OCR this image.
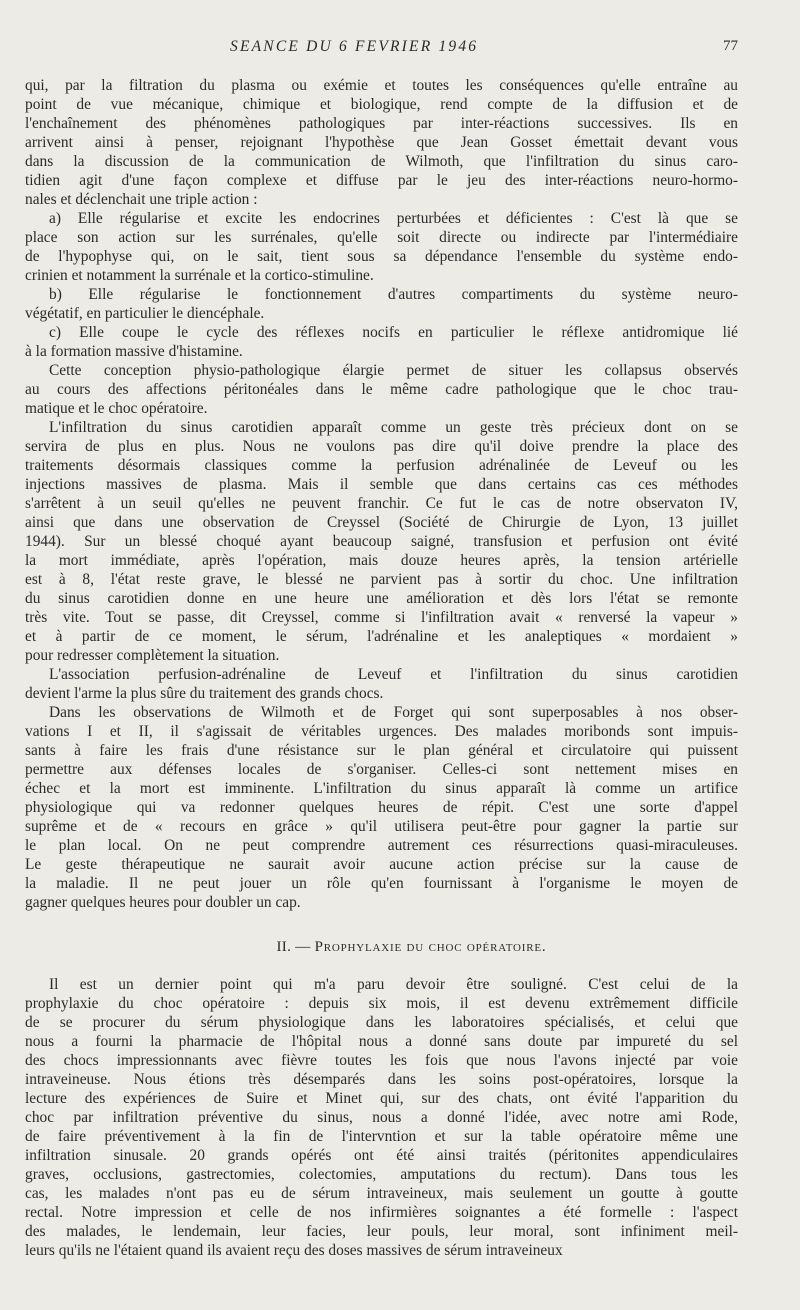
SEANCE DU 6 FEVRIER 1946	77
qui, par la filtration du plasma ou exémie et toutes les conséquences qu'elle entraîne au
point de vue mécanique, chimique et biologique, rend compte de la diffusion et de
l'enchaînement des phénomènes pathologiques par inter-réactions successives. Ils en
arrivent ainsi à penser, rejoignant l'hypothèse que Jean Gosset émettait devant vous
dans la discussion de la communication de Wilmoth, que l'infiltration du sinus caro-
tidien agit d'une façon complexe et diffuse par le jeu des inter-réactions neuro-hormo-
nales et déclenchait une triple action :
a) Elle régularise et excite les endocrines perturbées et déficientes : C'est là que se
place son action sur les surrénales, qu'elle soit directe ou indirecte par l'intermédiaire
de l'hypophyse qui, on le sait, tient sous sa dépendance l'ensemble du système endo-
crinien et notamment la surrénale et la cortico-stimuline.
b) Elle régularise le fonctionnement d'autres compartiments du système neuro-
végétatif, en particulier le diencéphale.
c) Elle coupe le cycle des réflexes nocifs en particulier le réflexe antidromique lié
à la formation massive d'histamine.
Cette conception physio-pathologique élargie permet de situer les collapsus observés
au cours des affections péritonéales dans le même cadre pathologique que le choc trau-
matique et le choc opératoire.
L'infiltration du sinus carotidien apparaît comme un geste très précieux dont on se
servira de plus en plus. Nous ne voulons pas dire qu'il doive prendre la place des
traitements désormais classiques comme la perfusion adrénalinée de Leveuf ou les
injections massives de plasma. Mais il semble que dans certains cas ces méthodes
s'arrêtent à un seuil qu'elles ne peuvent franchir. Ce fut le cas de notre observaton IV,
ainsi que dans une observation de Creyssel (Société de Chirurgie de Lyon, 13 juillet
1944). Sur un blessé choqué ayant beaucoup saigné, transfusion et perfusion ont évité
la mort immédiate, après l'opération, mais douze heures après, la tension artérielle
est à 8, l'état reste grave, le blessé ne parvient pas à sortir du choc. Une infiltration
du sinus carotidien donne en une heure une amélioration et dès lors l'état se remonte
très vite. Tout se passe, dit Creyssel, comme si l'infiltration avait « renversé la vapeur »
et à partir de ce moment, le sérum, l'adrénaline et les analeptiques « mordaient »
pour redresser complètement la situation.
L'association perfusion-adrénaline de Leveuf et l'infiltration du sinus carotidien
devient l'arme la plus sûre du traitement des grands chocs.
Dans les observations de Wilmoth et de Forget qui sont superposables à nos obser-
vations I et II, il s'agissait de véritables urgences. Des malades moribonds sont impuis-
sants à faire les frais d'une résistance sur le plan général et circulatoire qui puissent
permettre aux défenses locales de s'organiser. Celles-ci sont nettement mises en
échec et la mort est imminente. L'infiltration du sinus apparaît là comme un artifice
physiologique qui va redonner quelques heures de répit. C'est une sorte d'appel
suprême et de « recours en grâce » qu'il utilisera peut-être pour gagner la partie sur
le plan local. On ne peut comprendre autrement ces résurrections quasi-miraculeuses.
Le geste thérapeutique ne saurait avoir aucune action précise sur la cause de
la maladie. Il ne peut jouer un rôle qu'en fournissant à l'organisme le moyen de
gagner quelques heures pour doubler un cap.
II. — Prophylaxie du choc opératoire.
Il est un dernier point qui m'a paru devoir être souligné. C'est celui de la
prophylaxie du choc opératoire : depuis six mois, il est devenu extrêmement difficile
de se procurer du sérum physiologique dans les laboratoires spécialisés, et celui que
nous a fourni la pharmacie de l'hôpital nous a donné sans doute par impureté du sel
des chocs impressionnants avec fièvre toutes les fois que nous l'avons injecté par voie
intraveineuse. Nous étions très désemparés dans les soins post-opératoires, lorsque la
lecture des expériences de Suire et Minet qui, sur des chats, ont évité l'apparition du
choc par infiltration préventive du sinus, nous a donné l'idée, avec notre ami Rode,
de faire préventivement à la fin de l'intervntion et sur la table opératoire même une
infiltration sinusale. 20 grands opérés ont été ainsi traités (péritonites appendiculaires
graves, occlusions, gastrectomies, colectomies, amputations du rectum). Dans tous les
cas, les malades n'ont pas eu de sérum intraveineux, mais seulement un goutte à goutte
rectal. Notre impression et celle de nos infirmières soignantes a été formelle : l'aspect
des malades, le lendemain, leur facies, leur pouls, leur moral, sont infiniment meil-
leurs qu'ils ne l'étaient quand ils avaient reçu des doses massives de sérum intraveineux
